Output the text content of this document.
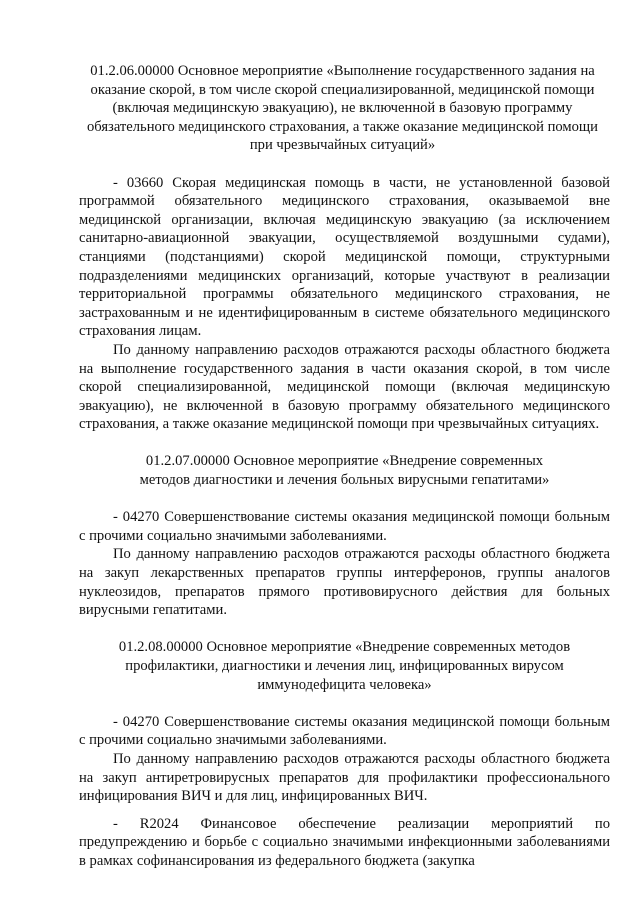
01.2.06.00000 Основное мероприятие «Выполнение государственного задания на оказание скорой, в том числе скорой специализированной, медицинской помощи (включая медицинскую эвакуацию), не включенной в базовую программу обязательного медицинского страхования, а также оказание медицинской помощи при чрезвычайных ситуаций»

- 03660 Скорая медицинская помощь в части, не установленной базовой программой обязательного медицинского страхования, оказываемой вне медицинской организации, включая медицинскую эвакуацию (за исключением санитарно-авиационной эвакуации, осуществляемой воздушными судами), станциями (подстанциями) скорой медицинской помощи, структурными подразделениями медицинских организаций, которые участвуют в реализации территориальной программы обязательного медицинского страхования, не застрахованным и не идентифицированным в системе обязательного медицинского страхования лицам.

По данному направлению расходов отражаются расходы областного бюджета на выполнение государственного задания в части оказания скорой, в том числе скорой специализированной, медицинской помощи (включая медицинскую эвакуацию), не включенной в базовую программу обязательного медицинского страхования, а также оказание медицинской помощи при чрезвычайных ситуациях.

01.2.07.00000 Основное мероприятие «Внедрение современных методов диагностики и лечения больных вирусными гепатитами»

- 04270 Совершенствование системы оказания медицинской помощи больным с прочими социально значимыми заболеваниями.

По данному направлению расходов отражаются расходы областного бюджета на закуп лекарственных препаратов группы интерферонов, группы аналогов нуклеозидов, препаратов прямого противовирусного действия для больных вирусными гепатитами.

01.2.08.00000 Основное мероприятие «Внедрение современных методов профилактики, диагностики и лечения лиц, инфицированных вирусом иммунодефицита человека»

- 04270 Совершенствование системы оказания медицинской помощи больным с прочими социально значимыми заболеваниями.

По данному направлению расходов отражаются расходы областного бюджета на закуп антиретровирусных препаратов для профилактики профессионального инфицирования ВИЧ и для лиц, инфицированных ВИЧ.

- R2024 Финансовое обеспечение реализации мероприятий по предупреждению и борьбе с социально значимыми инфекционными заболеваниями в рамках софинансирования из федерального бюджета (закупка
